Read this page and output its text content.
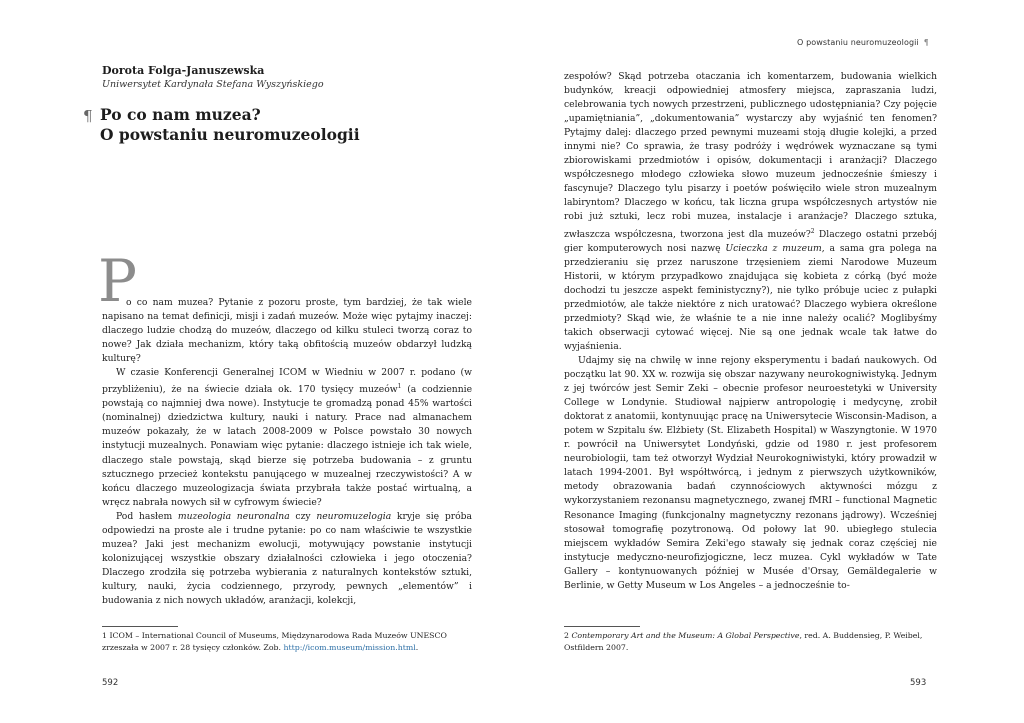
Dorota Folga-Januszewska
Uniwersytet Kardynała Stefana Wyszyńskiego
¶ Po co nam muzea?
O powstaniu neuromuzeologii
P

o co nam muzea? Pytanie z pozoru proste, tym bardziej, że tak wiele

napisano na temat definicji, misji i zadań muzeów. Może więc pytajmy inaczej: dlaczego ludzie chodzą do muzeów, dlaczego od kilku stuleci tworzą coraz to nowe? Jak działa mechanizm, który taką obfitością muzeów obdarzył ludzką kulturę?

W czasie Konferencji Generalnej ICOM w Wiedniu w 2007 r. podano (w przybliżeniu), że na świecie działa ok. 170 tysięcy muzeów$^1$ (a codziennie powstają co najmniej dwa nowe). Instytucje te gromadzą ponad 45% wartości (nominalnej) dziedzictwa kultury, nauki i natury. Prace nad almanachem muzeów pokazały, że w latach 2008-2009 w Polsce powstało 30 nowych instytucji muzealnych. Ponawiam więc pytanie: dlaczego istnieje ich tak wiele, dlaczego stale powstają, skąd bierze się potrzeba budowania – z gruntu sztucznego przecież kontekstu panującego w muzealnej rzeczywistości? A w końcu dlaczego muzeologizacja świata przybrała także postać wirtualną, a wręcz nabrała nowych sił w cyfrowym świecie?

Pod hasłem muzeologia neuronalna czy neuromuzelogia kryje się próba odpowiedzi na proste ale i trudne pytanie: po co nam właściwie te wszystkie muzea? Jaki jest mechanizm ewolucji, motywujący powstanie instytucji kolonizującej wszystkie obszary działalności człowieka i jego otoczenia? Dlaczego zrodziła się potrzeba wybierania z naturalnych kontekstów sztuki, kultury, nauki, życia codziennego, przyrody, pewnych „elementów” i budowania z nich nowych układów, aranżacji, kolekcji,

1 ICOM – International Council of Museums, Międzynarodowa Rada Muzeów UNESCO zrzeszała w 2007 r. 28 tysięcy członków. Zob. http://icom.museum/mission.html.
592
O powstaniu neuromuzeologii ¶

zespołów? Skąd potrzeba otaczania ich komentarzem, budowania wielkich budynków, kreacji odpowiedniej atmosfery miejsca, zapraszania ludzi, celebrowania tych nowych przestrzeni, publicznego udostępniania? Czy pojęcie „upamiętniania”, „dokumentowania” wystarczy aby wyjaśnić ten fenomen? Pytajmy dalej: dlaczego przed pewnymi muzeami stoją długie kolejki, a przed innymi nie? Co sprawia, że trasy podróży i wędrówek wyznaczane są tymi zbiorowiskami przedmiotów i opisów, dokumentacji i aranżacji? Dlaczego współczesnego młodego człowieka słowo muzeum jednocześnie śmieszy i fascynuje? Dlaczego tylu pisarzy i poetów poświęciło wiele stron muzealnym labiryntom? Dlaczego w końcu, tak liczna grupa współczesnych artystów nie robi już sztuki, lecz robi muzea, instalacje i aranżacje? Dlaczego sztuka, zwłaszcza współczesna, tworzona jest dla muzeów?$^2$ Dlaczego ostatni przebój gier komputerowych nosi nazwę Ucieczka z muzeum, a sama gra polega na przedzieraniu się przez naruszone trzęsieniem ziemi Narodowe Muzeum Historii, w którym przypadkowo znajdująca się kobieta z córką (być może dochodzi tu jeszcze aspekt feministyczny?), nie tylko próbuje uciec z pułapki przedmiotów, ale także niektóre z nich uratować? Dlaczego wybiera określone przedmioty? Skąd wie, że właśnie te a nie inne należy ocalić? Moglibyśmy takich obserwacji cytować więcej. Nie są one jednak wcale tak łatwe do wyjaśnienia.

Udajmy się na chwilę w inne rejony eksperymentu i badań naukowych. Od początku lat 90. XX w. rozwija się obszar nazywany neurokogniwistyką. Jednym z jej twórców jest Semir Zeki – obecnie profesor neuroestetyki w University College w Londynie. Studiował najpierw antropologię i medycynę, zrobił doktorat z anatomii, kontynuując pracę na Uniwersytecie Wisconsin-Madison, a potem w Szpitalu św. Elżbiety (St. Elizabeth Hospital) w Waszyngtonie. W 1970 r. powrócił na Uniwersytet Londyński, gdzie od 1980 r. jest profesorem neurobiologii, tam też otworzył Wydział Neurokogniwistyki, który prowadził w latach 1994-2001. Był współtwórcą, i jednym z pierwszych użytkowników, metody obrazowania badań czynnościowych aktywności mózgu z wykorzystaniem rezonansu magnetycznego, zwanej fMRI – functional Magnetic Resonance Imaging (funkcjonalny magnetyczny rezonans jądrowy). Wcześniej stosował tomografię pozytronową. Od połowy lat 90. ubiegłego stulecia miejscem wykładów Semira Zeki'ego stawały się jednak coraz częściej nie instytucje medyczno-neurofizjogiczne, lecz muzea. Cykl wykładów w Tate Gallery – kontynuowanych później w Musée d'Orsay, Gemäldegalerie w Berlinie, w Getty Museum w Los Angeles – a jednocześnie to-

2 Contemporary Art and the Museum: A Global Perspective, red. A. Buddensieg, P. Weibel, Ostfildern 2007.
593
